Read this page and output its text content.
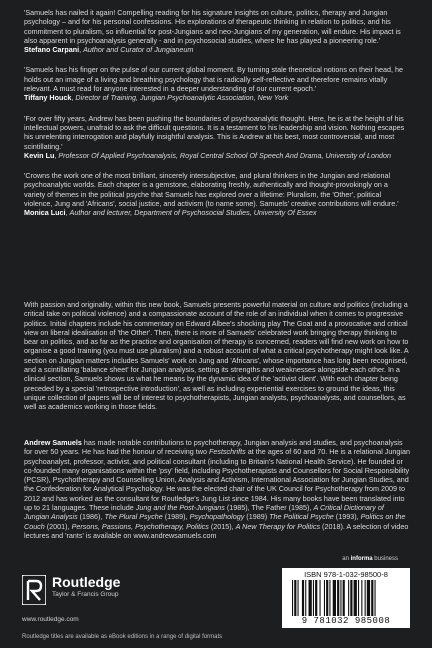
'Samuels has nailed it again! Compelling reading for his signature insights on culture, politics, therapy and Jungian psychology – and for his personal confessions. His explorations of therapeutic thinking in relation to politics, and his commitment to pluralism, so influential for post-Jungians and neo-Jungians of my generation, will endure. His impact is also apparent in psychoanalysis generally - and in psychosocial studies, where he has played a pioneering role.'

Stefano Carpani, Author and Curator of Jungianeum

'Samuels has his finger on the pulse of our current global moment. By turning stale theoretical notions on their head, he holds out an image of a living and breathing psychology that is radically self-reflective and therefore remains vitally relevant. A must read for anyone interested in a deeper understanding of our current epoch.'

Tiffany Houck, Director of Training, Jungian Psychoanalytic Association, New York

'For over fifty years, Andrew has been pushing the boundaries of psychoanalytic thought. Here, he is at the height of his intellectual powers, unafraid to ask the difficult questions. It is a testament to his leadership and vision. Nothing escapes his unrelenting interrogation and playfully insightful analysis. This is Andrew at his best, most controversial, and most scintillating.'

Kevin Lu, Professor Of Applied Psychoanalysis, Royal Central School Of Speech And Drama, University of London

'Crowns the work one of the most brilliant, sincerely intersubjective, and plural thinkers in the Jungian and relational psychoanalytic worlds. Each chapter is a gemstone, elaborating freshly, authentically and thought-provokingly on a variety of themes in the political psyche that Samuels has explored over a lifetime: Pluralism, the 'Other', political violence, Jung and 'Africans', social justice, and activism (to name some). Samuels' creative contributions will endure.'

Monica Luci, Author and lecturer, Department of Psychosocial Studies, University Of Essex

With passion and originality, within this new book, Samuels presents powerful material on culture and politics (including a critical take on political violence) and a compassionate account of the role of an individual when it comes to progressive politics. Initial chapters include his commentary on Edward Albee's shocking play The Goat and a provocative and critical view on liberal idealisation of 'the Other'. Then, there is more of Samuels' celebrated work bringing therapy thinking to bear on politics, and as far as the practice and organisation of therapy is concerned, readers will find new work on how to organise a good training (you must use pluralism) and a robust account of what a critical psychotherapy might look like. A section on Jungian matters includes Samuels' work on Jung and 'Africans', whose importance has long been recognised, and a scintillating 'balance sheet' for Jungian analysis, setting its strengths and weaknesses alongside each other. In a clinical section, Samuels shows us what he means by the dynamic idea of the 'activist client'. With each chapter being preceded by a special 'retrospective introduction', as well as including experiential exercises to ground the ideas, this unique collection of papers will be of interest to psychotherapists, Jungian analysts, psychoanalysts, and counsellors, as well as academics working in those fields.

Andrew Samuels has made notable contributions to psychotherapy, Jungian analysis and studies, and psychoanalysis for over 50 years. He has had the honour of receiving two Festschrifts at the ages of 60 and 70. He is a relational Jungian psychoanalyst, professor, activist, and political consultant (including to Britain's National Health Service). He founded or co-founded many organisations within the 'psy' field, including Psychotherapists and Counsellors for Social Responsibility (PCSR), Psychotherapy and Counselling Union, Analysis and Activism, International Association for Jungian Studies, and the Confederation for Analytical Psychology. He was the elected chair of the UK Council for Psychotherapy from 2009 to 2012 and has worked as the consultant for Routledge's Jung List since 1984. His many books have been translated into up to 21 languages. These include Jung and the Post-Jungians (1985), The Father (1985), A Critical Dictionary of Jungian Analysis (1986), The Plural Psyche (1989), Psychopathology (1989) The Political Psyche (1993), Politics on the Couch (2001), Persons, Passions, Psychotherapy, Politics (2015), A New Therapy for Politics (2018). A selection of video lectures and 'rants' is available on www.andrewsamuels.com

an informa business
Routledge
Taylor & Francis Group
www.routledge.com
Routledge titles are available as eBook editions in a range of digital formats
ISBN 978-1-032-98500-8
9 781032 985008
